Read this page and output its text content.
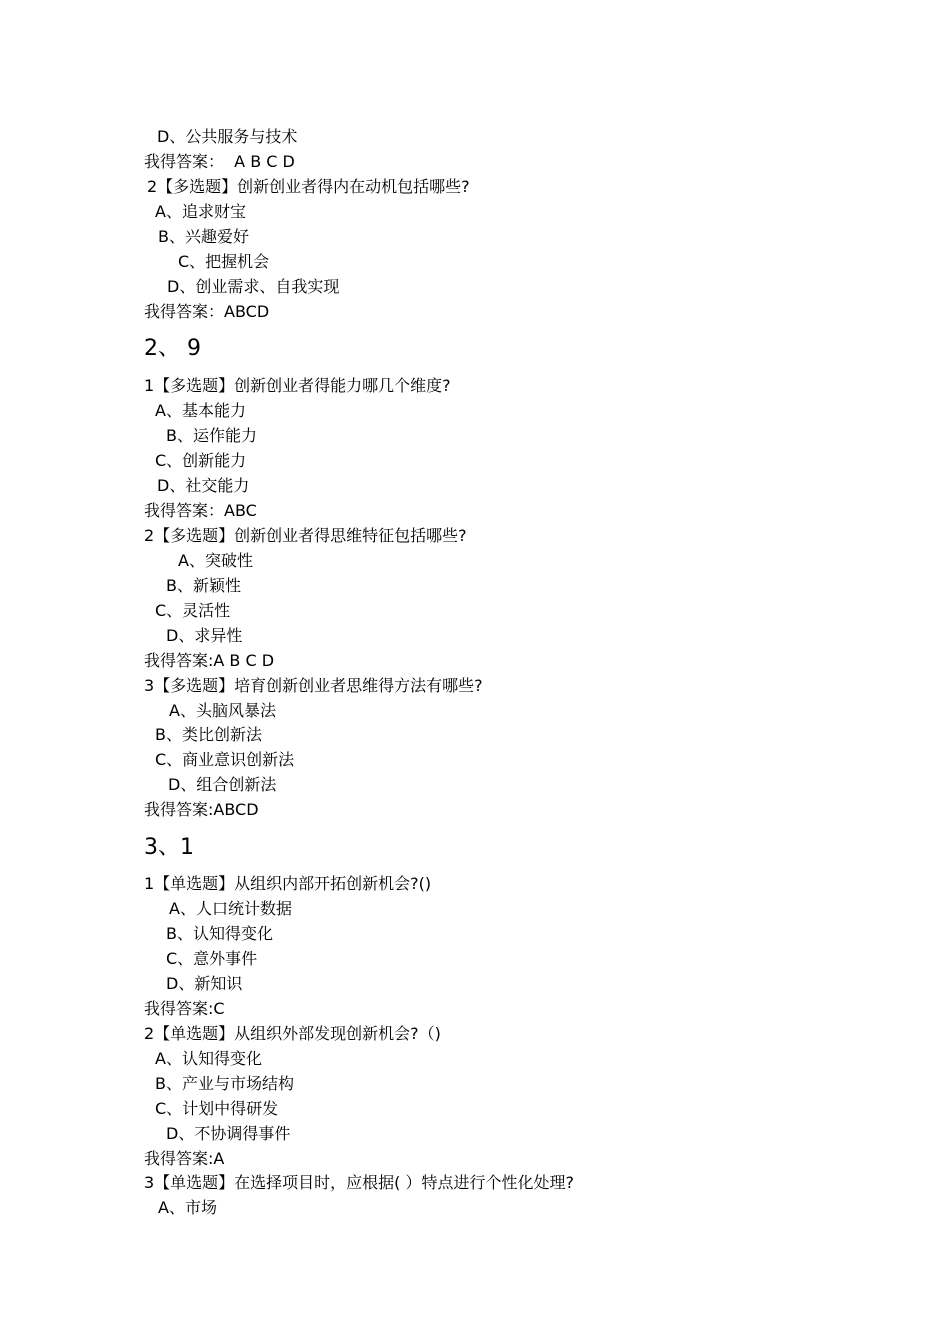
D、公共服务与技术
我得答案：  A B C D
2【多选题】创新创业者得内在动机包括哪些?
A、追求财宝
B、兴趣爱好
C、把握机会
D、创业需求、自我实现
我得答案：ABCD
2、 9
1【多选题】创新创业者得能力哪几个维度?
A、基本能力
B、运作能力
C、创新能力
D、社交能力
我得答案：ABC
2【多选题】创新创业者得思维特征包括哪些?
A、突破性
B、新颖性
C、灵活性
D、求异性
我得答案:A B C D
3【多选题】培育创新创业者思维得方法有哪些?
A、头脑风暴法
B、类比创新法
C、商业意识创新法
D、组合创新法
我得答案:ABCD
3、1
1【单选题】从组织内部开拓创新机会?()
A、人口统计数据
B、认知得变化
C、意外事件
D、新知识
我得答案:C
2【单选题】从组织外部发现创新机会?（)
A、认知得变化
B、产业与市场结构
C、计划中得研发
D、不协调得事件
我得答案:A
3【单选题】在选择项目时，应根据( ）特点进行个性化处理?
A、市场
